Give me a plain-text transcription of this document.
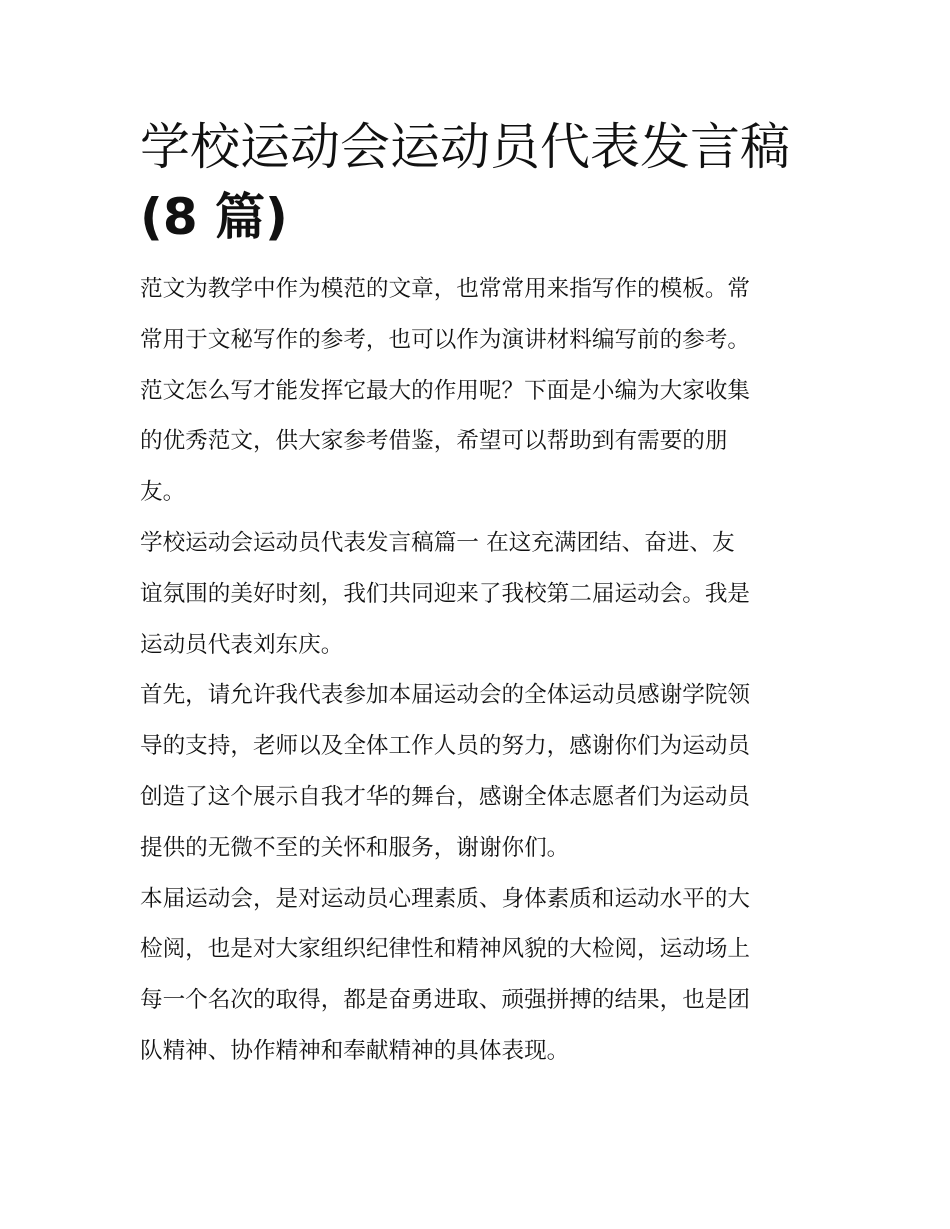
学校运动会运动员代表发言稿
(8 篇)

范文为教学中作为模范的文章，也常常用来指写作的模板。常
常用于文秘写作的参考，也可以作为演讲材料编写前的参考。
范文怎么写才能发挥它最大的作用呢？下面是小编为大家收集
的优秀范文，供大家参考借鉴，希望可以帮助到有需要的朋
友。

学校运动会运动员代表发言稿篇一 在这充满团结、奋进、友
谊氛围的美好时刻，我们共同迎来了我校第二届运动会。我是
运动员代表刘东庆。

首先，请允许我代表参加本届运动会的全体运动员感谢学院领
导的支持，老师以及全体工作人员的努力，感谢你们为运动员
创造了这个展示自我才华的舞台，感谢全体志愿者们为运动员
提供的无微不至的关怀和服务，谢谢你们。

本届运动会，是对运动员心理素质、身体素质和运动水平的大
检阅，也是对大家组织纪律性和精神风貌的大检阅，运动场上
每一个名次的取得，都是奋勇进取、顽强拼搏的结果，也是团
队精神、协作精神和奉献精神的具体表现。
